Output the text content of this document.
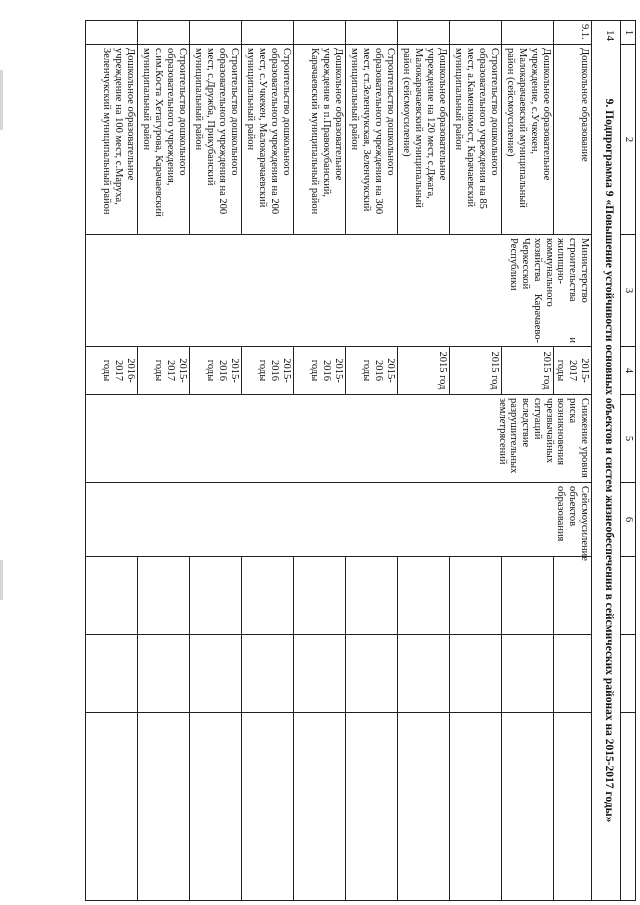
14 1	2	3	4	5	6			
9. Подпрограмма 9 «Повышение устойчивости основных объектов и систем жизнеобеспечения в сейсмических районах на 2015-2017 годы»								
9.1.	Дошкольное образование	Министерство строительства и жилищно-коммунального хозяйства Карачаево-Черкесской Республики	2015-2017 годы	Снижение уровня риска возникновения чрезвычайных ситуаций вследствие разрушительных землетрясений	Сейсмоусиление объектов образования			
	Дошкольное образовательное учреждение, с.Учкекен, Малокарачаевский муниципальный район (сейсмоусиление)		2015 год					
	Строительство дошкольного образовательного учреждения на 85 мест, а.Каменномост, Карачаевский муниципальный район		2015 год					
	Дошкольное образовательное учреждение на 120 мест, с.Джага, Малокарачаевский муниципальный район (сейсмоусиление)		2015 год					
	Строительство дошкольного образовательного учреждения на 300 мест, ст.Зеленчукская, Зеленчукский муниципальный район		2015-2016 годы					
	Дошкольное образовательное учреждение в п.Правокубанский, Карачаевский муниципальный район		2015-2016 годы					
	Строительство дошкольного образовательного учреждения на 200 мест, с.Учкекен, Малокарачаевский муниципальный район		2015-2016 годы					
	Строительство дошкольного образовательного учреждения на 200 мест, с.Дружба, Прикубанский муниципальный район		2015-2016 годы					
	Строительство дошкольного образовательного учреждения, с.им.Коста Хетагурова, Карачаевский муниципальный район		2015-2017 годы					
	Дошкольное образовательное учреждение на 100 мест, с.Маруха, Зеленчукский муниципальный район		2016-2017 годы					
